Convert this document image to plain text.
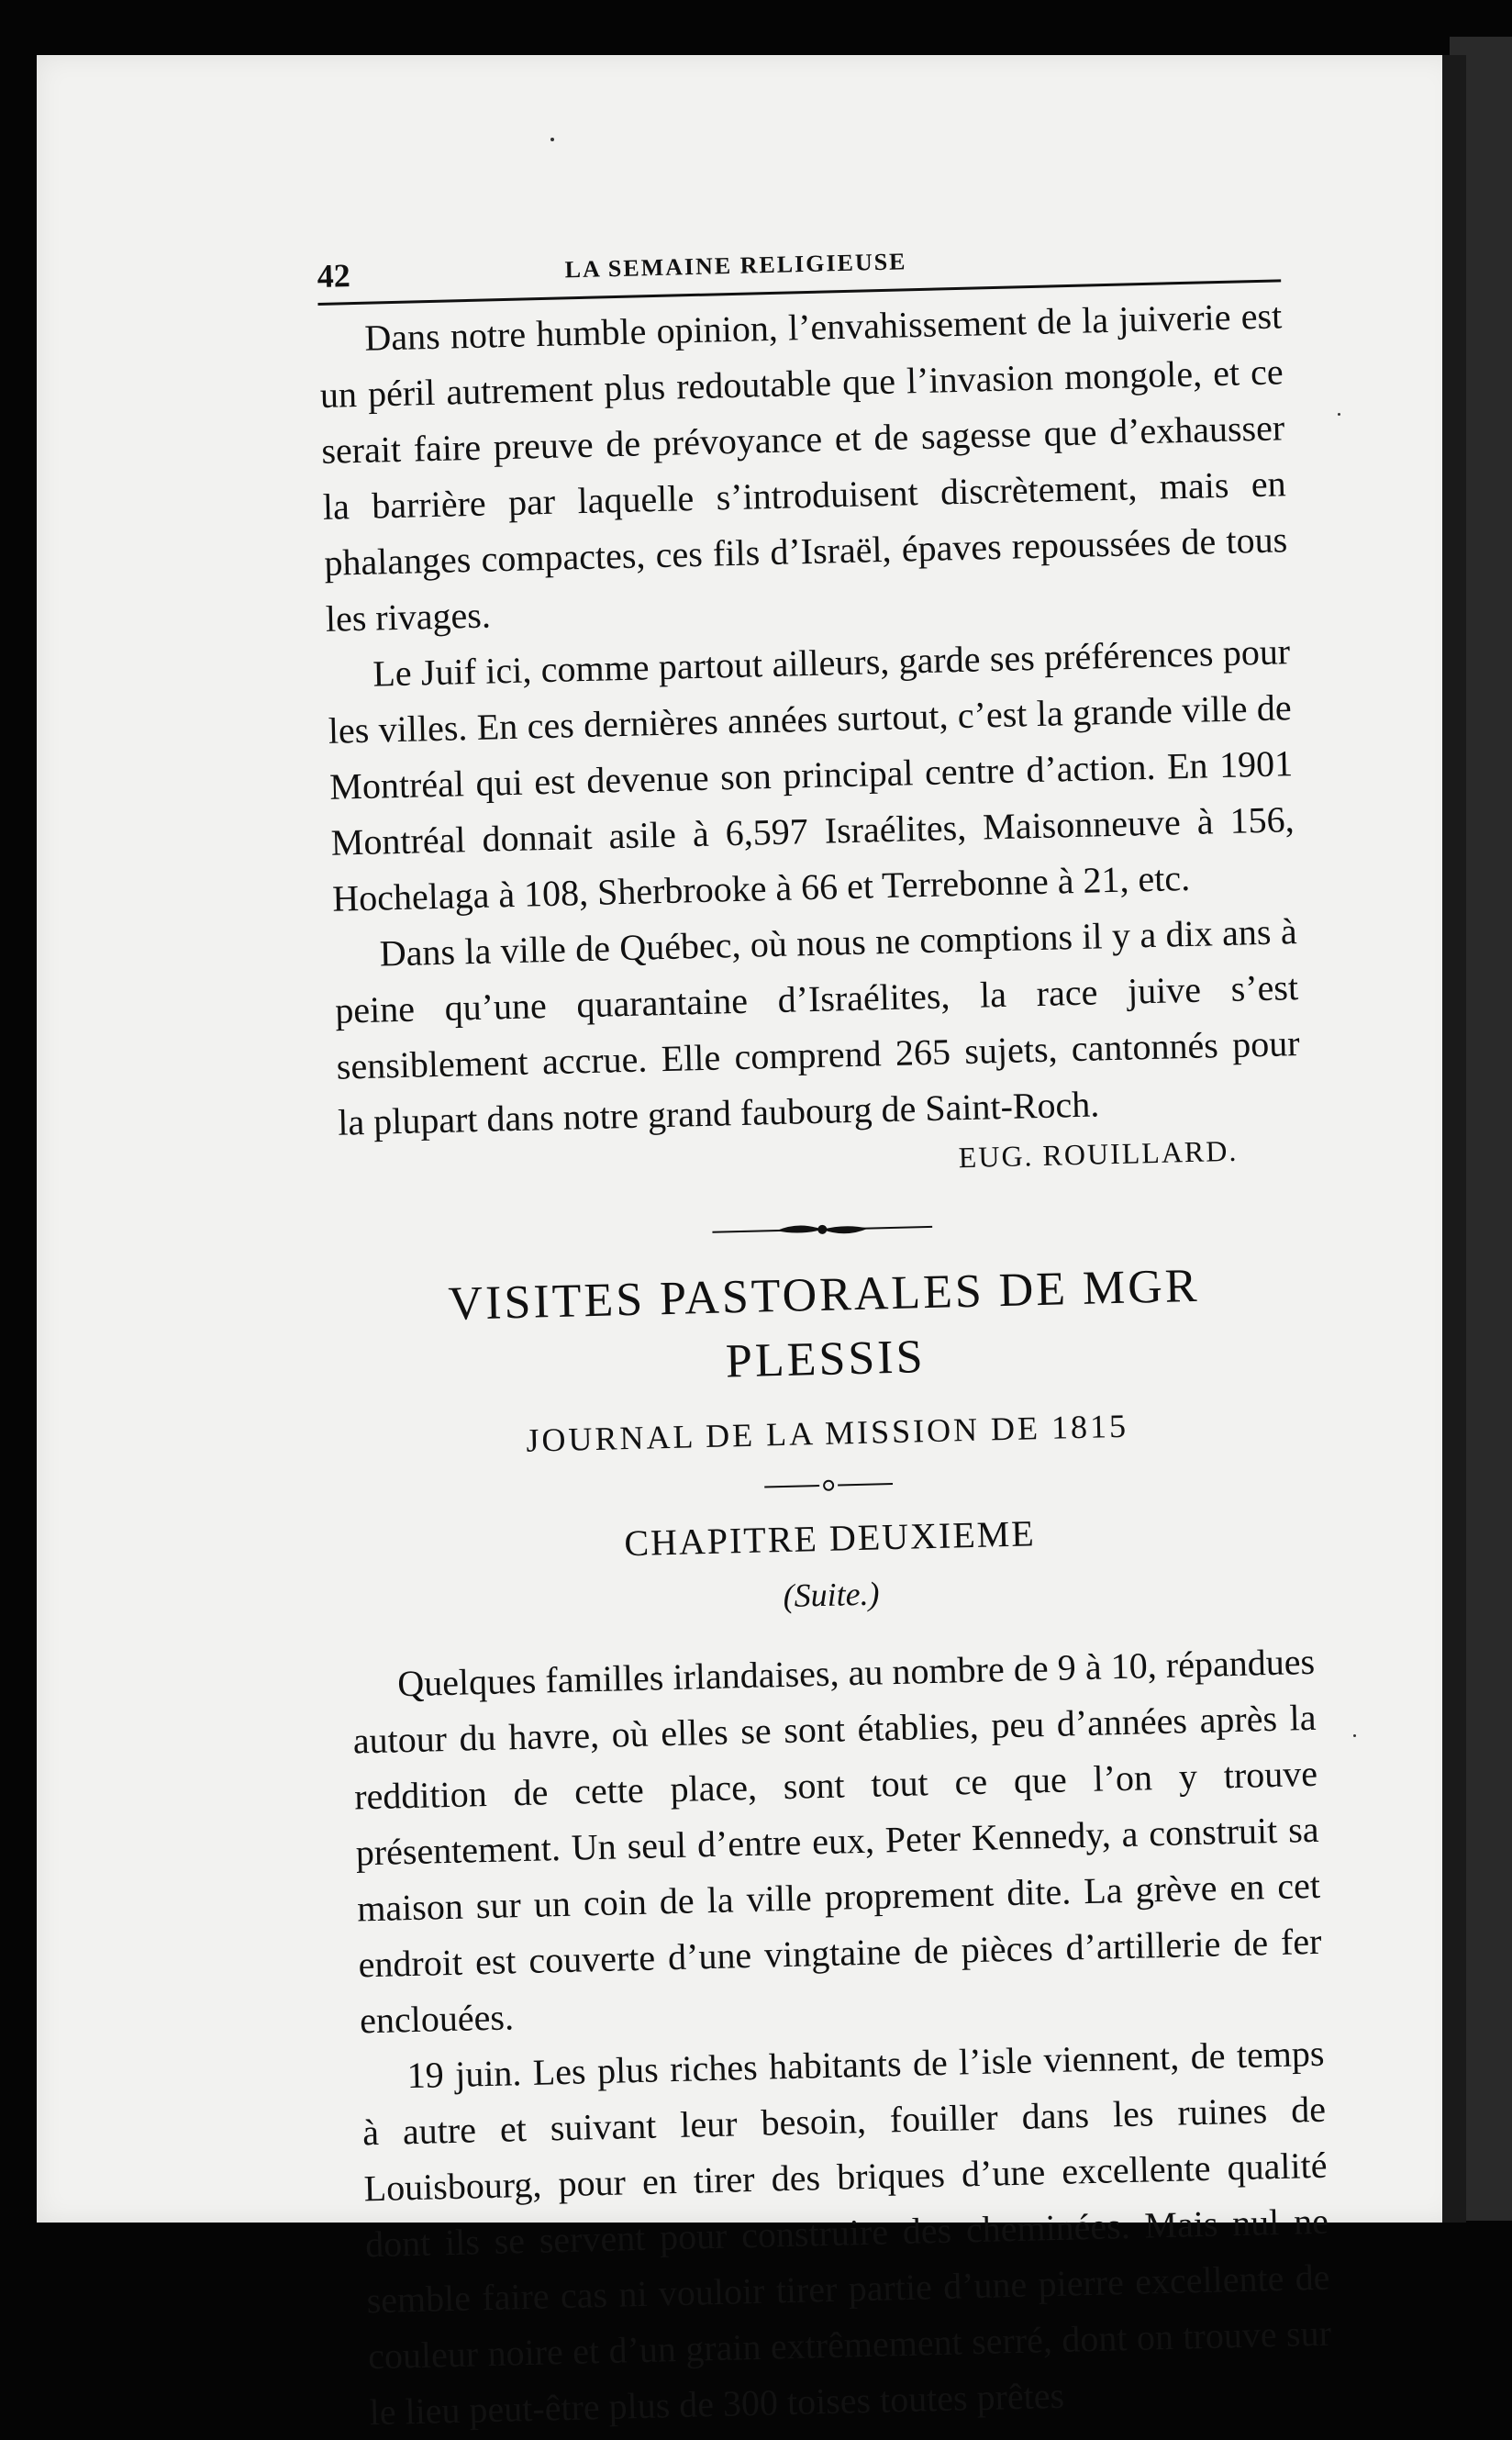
42	LA SEMAINE RELIGIEUSE

Dans notre humble opinion, l’envahissement de la juiverie est un péril autrement plus redoutable que l’invasion mongole, et ce serait faire preuve de prévoyance et de sagesse que d’exhausser la barrière par laquelle s’introduisent discrètement, mais en phalanges compactes, ces fils d’Israël, épaves repoussées de tous les rivages.

Le Juif ici, comme partout ailleurs, garde ses préférences pour les villes. En ces dernières années surtout, c’est la grande ville de Montréal qui est devenue son principal centre d’action. En 1901 Montréal donnait asile à 6,597 Israélites, Maisonneuve à 156, Hochelaga à 108, Sherbrooke à 66 et Terrebonne à 21, etc.

Dans la ville de Québec, où nous ne comptions il y a dix ans à peine qu’une quarantaine d’Israélites, la race juive s’est sensiblement accrue. Elle comprend 265 sujets, cantonnés pour la plupart dans notre grand faubourg de Saint-Roch.

EUG. ROUILLARD.
VISITES PASTORALES DE MGR PLESSIS
JOURNAL DE LA MISSION DE 1815
CHAPITRE DEUXIEME
(Suite.)

Quelques familles irlandaises, au nombre de 9 à 10, répandues autour du havre, où elles se sont établies, peu d’années après la reddition de cette place, sont tout ce que l’on y trouve présentement. Un seul d’entre eux, Peter Kennedy, a construit sa maison sur un coin de la ville proprement dite. La grève en cet endroit est couverte d’une vingtaine de pièces d’artillerie de fer enclouées.

19 juin. Les plus riches habitants de l’isle viennent, de temps à autre et suivant leur besoin, fouiller dans les ruines de Louisbourg, pour en tirer des briques d’une excellente qualité dont ils se servent pour construire des cheminées. Mais nul ne semble faire cas ni vouloir tirer partie d’une pierre excellente de couleur noire et d’un grain extrêmement serré, dont on trouve sur le lieu peut-être plus de 300 toises toutes prêtes
